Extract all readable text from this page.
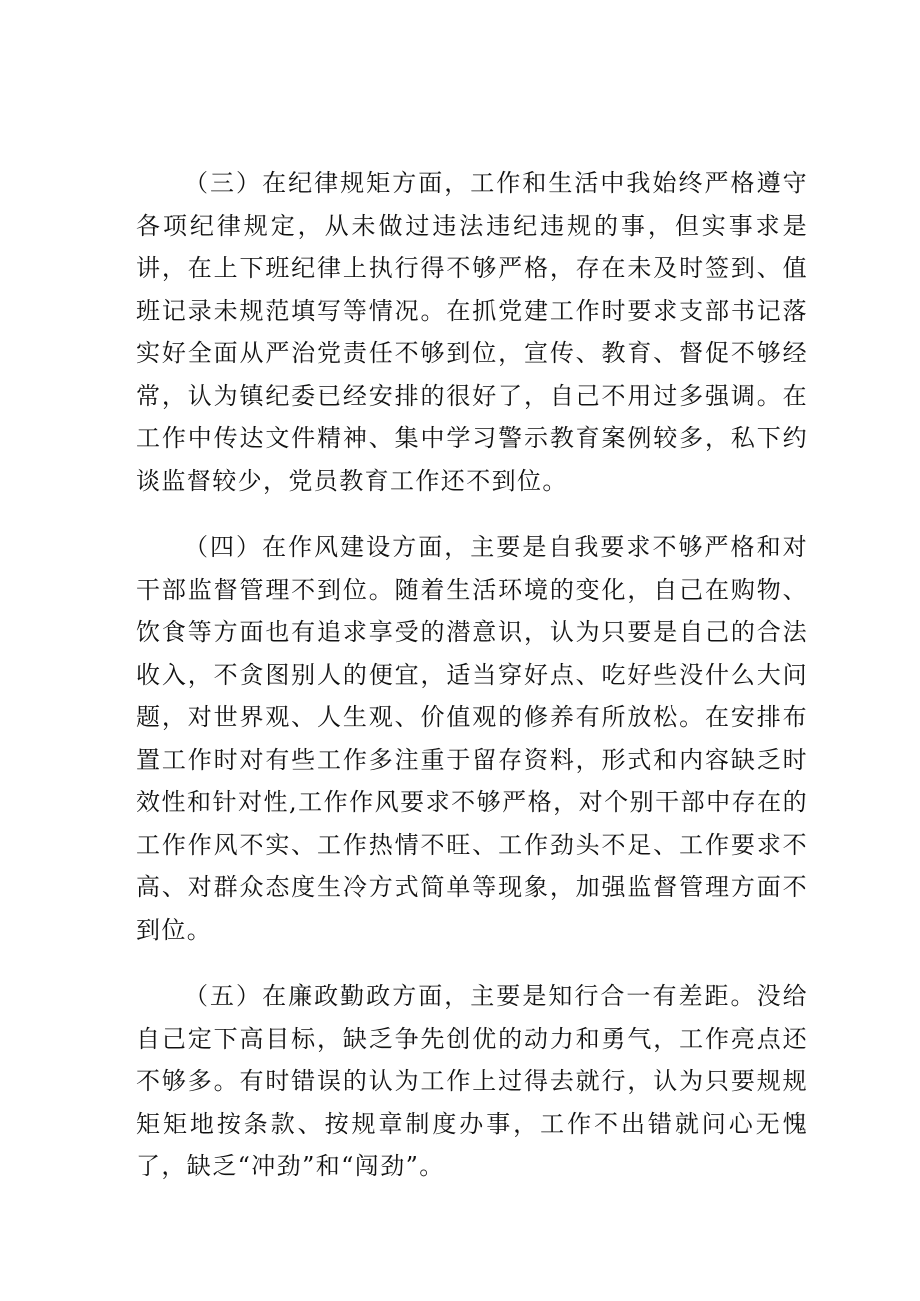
（三）在纪律规矩方面，工作和生活中我始终严格遵守各项纪律规定，从未做过违法违纪违规的事，但实事求是讲，在上下班纪律上执行得不够严格，存在未及时签到、值班记录未规范填写等情况。在抓党建工作时要求支部书记落实好全面从严治党责任不够到位，宣传、教育、督促不够经常，认为镇纪委已经安排的很好了，自己不用过多强调。在工作中传达文件精神、集中学习警示教育案例较多，私下约谈监督较少，党员教育工作还不到位。

（四）在作风建设方面，主要是自我要求不够严格和对干部监督管理不到位。随着生活环境的变化，自己在购物、饮食等方面也有追求享受的潜意识，认为只要是自己的合法收入，不贪图别人的便宜，适当穿好点、吃好些没什么大问题，对世界观、人生观、价值观的修养有所放松。在安排布置工作时对有些工作多注重于留存资料，形式和内容缺乏时效性和针对性,工作作风要求不够严格，对个别干部中存在的工作作风不实、工作热情不旺、工作劲头不足、工作要求不高、对群众态度生冷方式简单等现象，加强监督管理方面不到位。

（五）在廉政勤政方面，主要是知行合一有差距。没给自己定下高目标，缺乏争先创优的动力和勇气，工作亮点还不够多。有时错误的认为工作上过得去就行，认为只要规规矩矩地按条款、按规章制度办事，工作不出错就问心无愧了，缺乏“冲劲”和“闯劲”。
